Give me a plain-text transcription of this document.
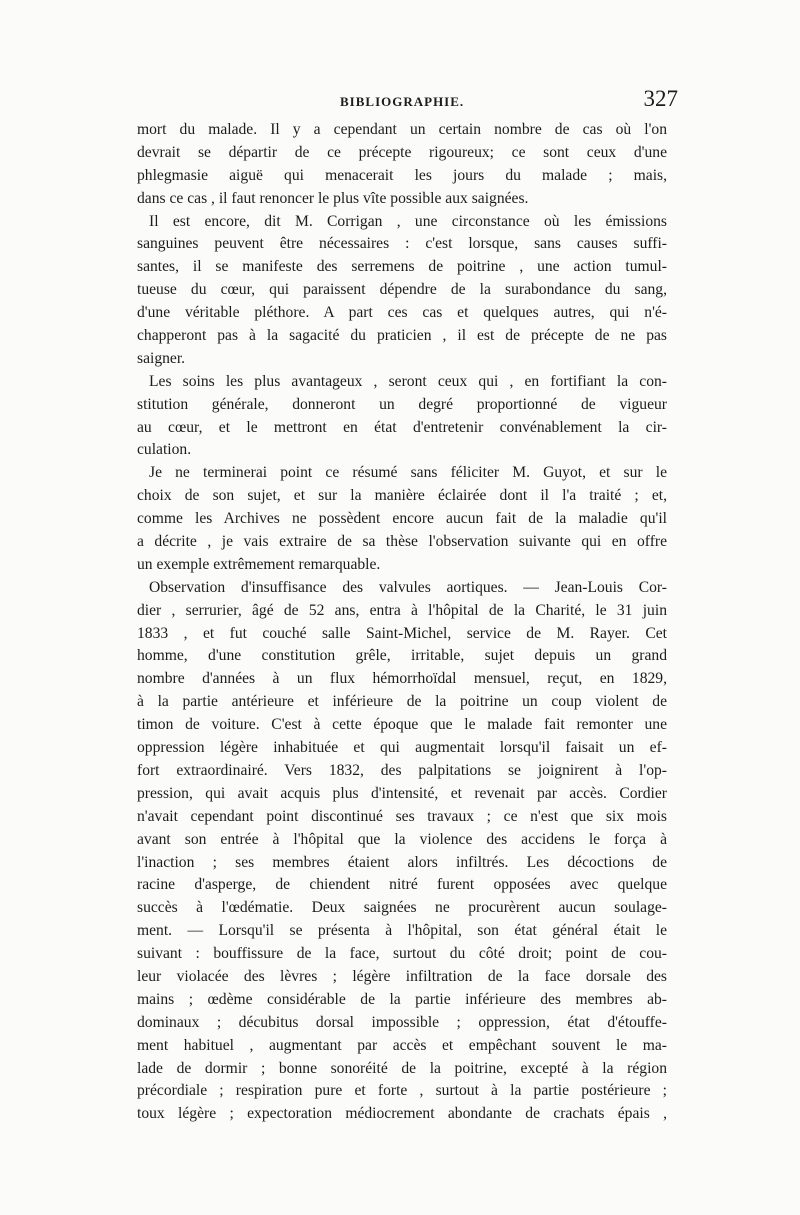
BIBLIOGRAPHIE.	327
mort du malade. Il y a cependant un certain nombre de cas où l'on
devrait se départir de ce précepte rigoureux; ce sont ceux d'une
phlegmasie aiguë qui menacerait les jours du malade ; mais,
dans ce cas , il faut renoncer le plus vîte possible aux saignées.
Il est encore, dit M. Corrigan , une circonstance où les émissions
sanguines peuvent être nécessaires : c'est lorsque, sans causes suffi-
santes, il se manifeste des serremens de poitrine , une action tumul-
tueuse du cœur, qui paraissent dépendre de la surabondance du sang,
d'une véritable pléthore. A part ces cas et quelques autres, qui n'é-
chapperont pas à la sagacité du praticien , il est de précepte de ne pas
saigner.
Les soins les plus avantageux , seront ceux qui , en fortifiant la con-
stitution générale, donneront un degré proportionné de vigueur
au cœur, et le mettront en état d'entretenir convénablement la cir-
culation.
Je ne terminerai point ce résumé sans féliciter M. Guyot, et sur le
choix de son sujet, et sur la manière éclairée dont il l'a traité ; et,
comme les Archives ne possèdent encore aucun fait de la maladie qu'il
a décrite , je vais extraire de sa thèse l'observation suivante qui en offre
un exemple extrêmement remarquable.
Observation d'insuffisance des valvules aortiques. — Jean-Louis Cor-
dier , serrurier, âgé de 52 ans, entra à l'hôpital de la Charité, le 31 juin
1833 , et fut couché salle Saint-Michel, service de M. Rayer. Cet
homme, d'une constitution grêle, irritable, sujet depuis un grand
nombre d'années à un flux hémorrhoïdal mensuel, reçut, en 1829,
à la partie antérieure et inférieure de la poitrine un coup violent de
timon de voiture. C'est à cette époque que le malade fait remonter une
oppression légère inhabituée et qui augmentait lorsqu'il faisait un ef-
fort extraordinairé. Vers 1832, des palpitations se joignirent à l'op-
pression, qui avait acquis plus d'intensité, et revenait par accès. Cordier
n'avait cependant point discontinué ses travaux ; ce n'est que six mois
avant son entrée à l'hôpital que la violence des accidens le força à
l'inaction ; ses membres étaient alors infiltrés. Les décoctions de
racine d'asperge, de chiendent nitré furent opposées avec quelque
succès à l'œdématie. Deux saignées ne procurèrent aucun soulage-
ment. — Lorsqu'il se présenta à l'hôpital, son état général était le
suivant : bouffissure de la face, surtout du côté droit; point de cou-
leur violacée des lèvres ; légère infiltration de la face dorsale des
mains ; œdème considérable de la partie inférieure des membres ab-
dominaux ; décubitus dorsal impossible ; oppression, état d'étouffe-
ment habituel , augmentant par accès et empêchant souvent le ma-
lade de dormir ; bonne sonoréité de la poitrine, excepté à la région
précordiale ; respiration pure et forte , surtout à la partie postérieure ;
toux légère ; expectoration médiocrement abondante de crachats épais ,
